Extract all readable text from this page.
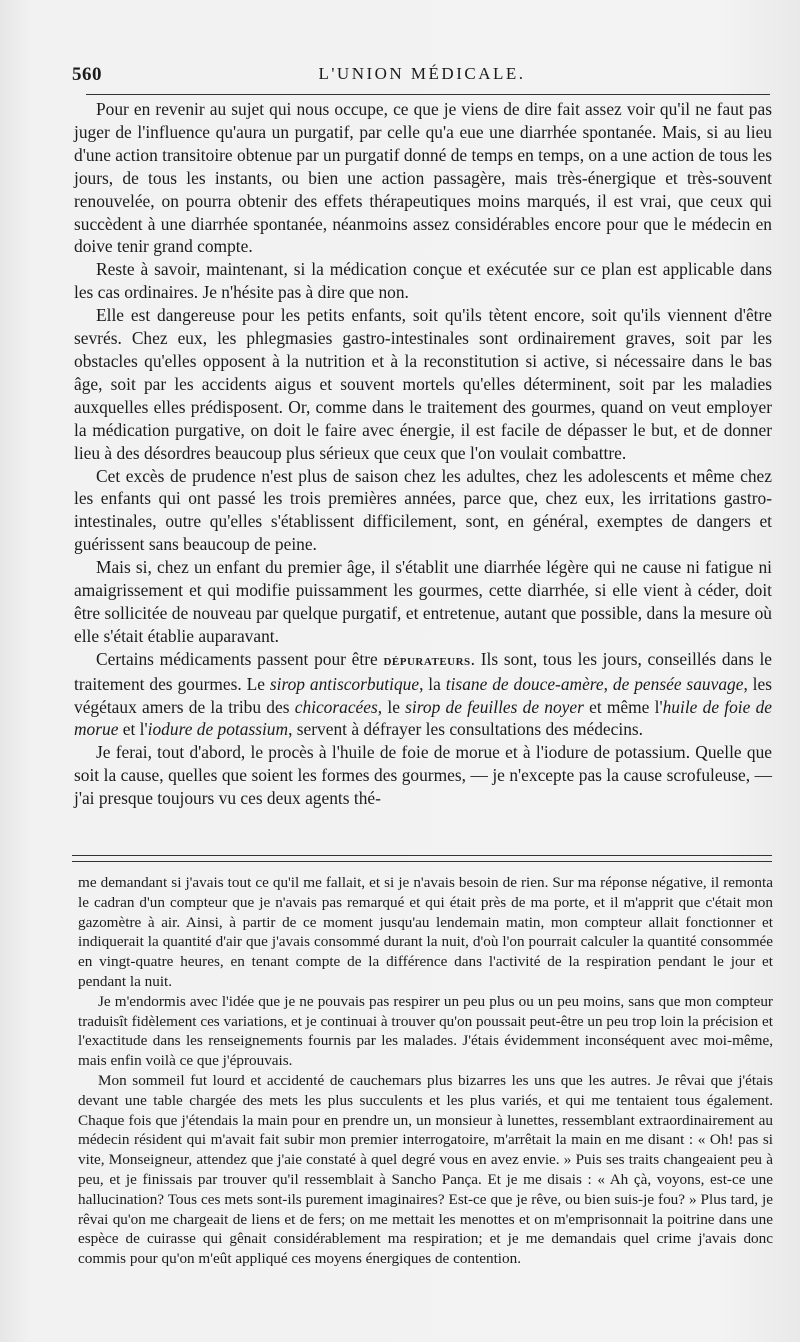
560	L'UNION MÉDICALE.

Pour en revenir au sujet qui nous occupe, ce que je viens de dire fait assez voir qu'il ne faut pas juger de l'influence qu'aura un purgatif, par celle qu'a eue une diarrhée spontanée. Mais, si au lieu d'une action transitoire obtenue par un purgatif donné de temps en temps, on a une action de tous les jours, de tous les instants, ou bien une action passagère, mais très-énergique et très-souvent renouvelée, on pourra obtenir des effets thérapeutiques moins marqués, il est vrai, que ceux qui succèdent à une diarrhée spontanée, néanmoins assez considérables encore pour que le médecin en doive tenir grand compte.

Reste à savoir, maintenant, si la médication conçue et exécutée sur ce plan est applicable dans les cas ordinaires. Je n'hésite pas à dire que non.

Elle est dangereuse pour les petits enfants, soit qu'ils tètent encore, soit qu'ils viennent d'être sevrés. Chez eux, les phlegmasies gastro-intestinales sont ordinairement graves, soit par les obstacles qu'elles opposent à la nutrition et à la reconstitution si active, si nécessaire dans le bas âge, soit par les accidents aigus et souvent mortels qu'elles déterminent, soit par les maladies auxquelles elles prédisposent. Or, comme dans le traitement des gourmes, quand on veut employer la médication purgative, on doit le faire avec énergie, il est facile de dépasser le but, et de donner lieu à des désordres beaucoup plus sérieux que ceux que l'on voulait combattre.

Cet excès de prudence n'est plus de saison chez les adultes, chez les adolescents et même chez les enfants qui ont passé les trois premières années, parce que, chez eux, les irritations gastro-intestinales, outre qu'elles s'établissent difficilement, sont, en général, exemptes de dangers et guérissent sans beaucoup de peine.

Mais si, chez un enfant du premier âge, il s'établit une diarrhée légère qui ne cause ni fatigue ni amaigrissement et qui modifie puissamment les gourmes, cette diarrhée, si elle vient à céder, doit être sollicitée de nouveau par quelque purgatif, et entretenue, autant que possible, dans la mesure où elle s'était établie auparavant.

Certains médicaments passent pour être dépurateurs. Ils sont, tous les jours, conseillés dans le traitement des gourmes. Le sirop antiscorbutique, la tisane de douce-amère, de pensée sauvage, les végétaux amers de la tribu des chicoracées, le sirop de feuilles de noyer et même l'huile de foie de morue et l'iodure de potassium, servent à défrayer les consultations des médecins.

Je ferai, tout d'abord, le procès à l'huile de foie de morue et à l'iodure de potassium. Quelle que soit la cause, quelles que soient les formes des gourmes, — je n'excepte pas la cause scrofuleuse, — j'ai presque toujours vu ces deux agents thé-

me demandant si j'avais tout ce qu'il me fallait, et si je n'avais besoin de rien. Sur ma réponse négative, il remonta le cadran d'un compteur que je n'avais pas remarqué et qui était près de ma porte, et il m'apprit que c'était mon gazomètre à air. Ainsi, à partir de ce moment jusqu'au lendemain matin, mon compteur allait fonctionner et indiquerait la quantité d'air que j'avais consommé durant la nuit, d'où l'on pourrait calculer la quantité consommée en vingt-quatre heures, en tenant compte de la différence dans l'activité de la respiration pendant le jour et pendant la nuit.

Je m'endormis avec l'idée que je ne pouvais pas respirer un peu plus ou un peu moins, sans que mon compteur traduisît fidèlement ces variations, et je continuai à trouver qu'on poussait peut-être un peu trop loin la précision et l'exactitude dans les renseignements fournis par les malades. J'étais évidemment inconséquent avec moi-même, mais enfin voilà ce que j'éprouvais.

Mon sommeil fut lourd et accidenté de cauchemars plus bizarres les uns que les autres. Je rêvai que j'étais devant une table chargée des mets les plus succulents et les plus variés, et qui me tentaient tous également. Chaque fois que j'étendais la main pour en prendre un, un monsieur à lunettes, ressemblant extraordinairement au médecin résident qui m'avait fait subir mon premier interrogatoire, m'arrêtait la main en me disant : « Oh! pas si vite, Monseigneur, attendez que j'aie constaté à quel degré vous en avez envie. » Puis ses traits changeaient peu à peu, et je finissais par trouver qu'il ressemblait à Sancho Pança. Et je me disais : « Ah çà, voyons, est-ce une hallucination? Tous ces mets sont-ils purement imaginaires? Est-ce que je rêve, ou bien suis-je fou? » Plus tard, je rêvai qu'on me chargeait de liens et de fers; on me mettait les menottes et on m'emprisonnait la poitrine dans une espèce de cuirasse qui gênait considérablement ma respiration; et je me demandais quel crime j'avais donc commis pour qu'on m'eût appliqué ces moyens énergiques de contention.
